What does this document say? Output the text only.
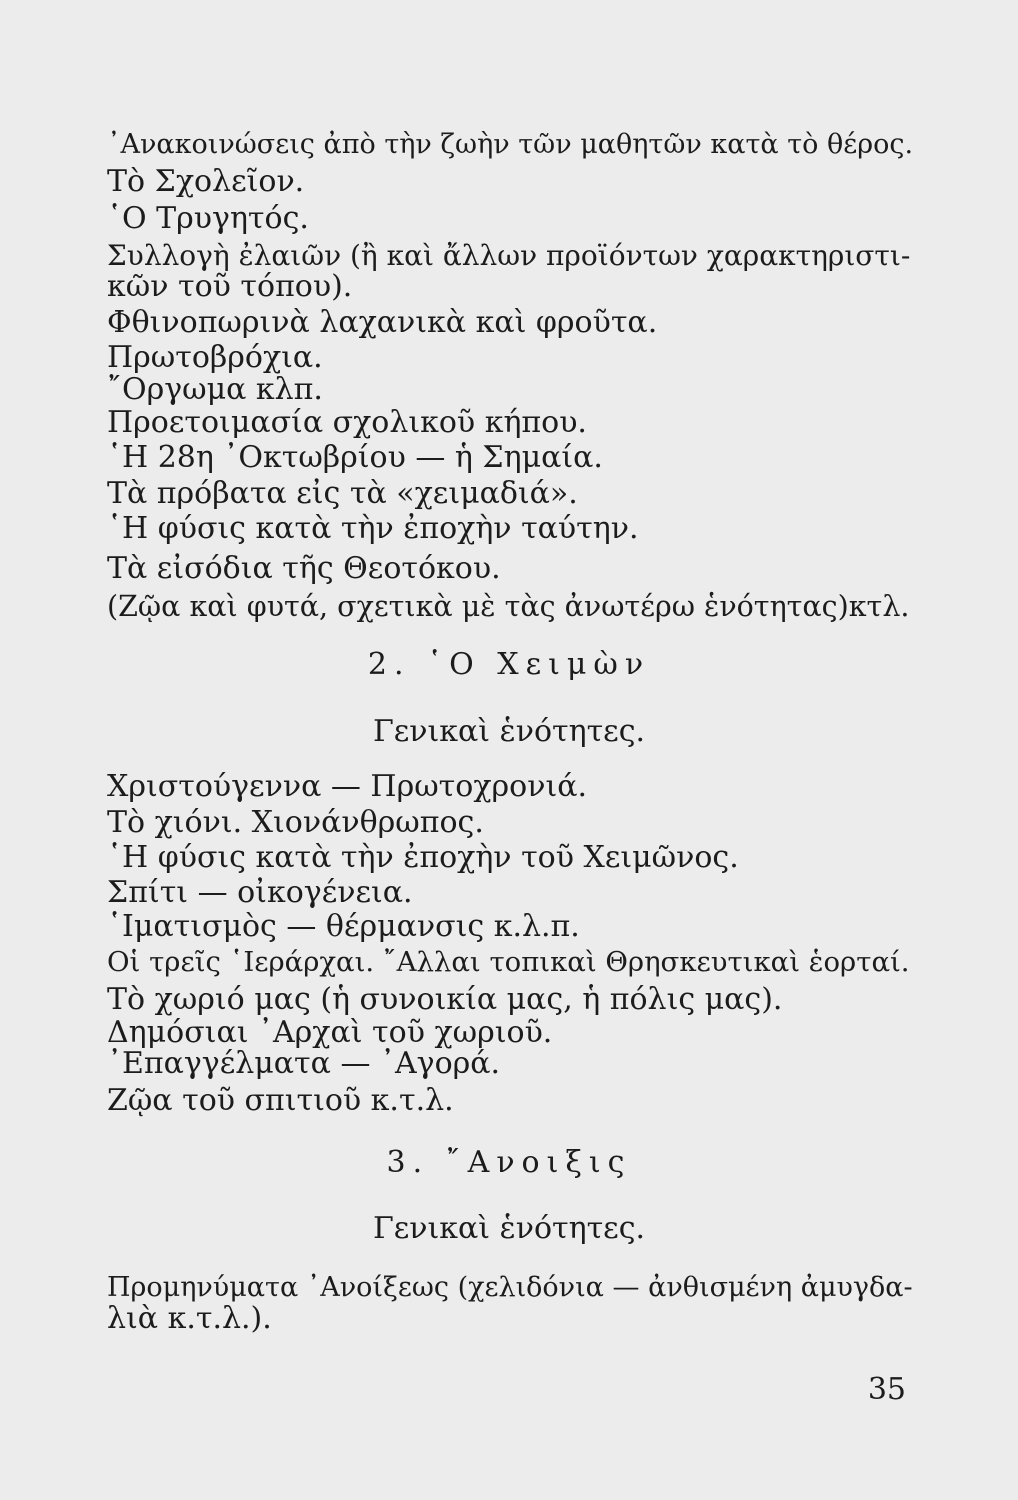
᾿Ανακοινώσεις ἀπὸ τὴν ζωὴν τῶν μαθητῶν κατὰ τὸ θέρος.
Τὸ Σχολεῖον.
῾Ο Τρυγητός.
Συλλογὴ ἐλαιῶν (ἢ καὶ ἄλλων προϊόντων χαρακτηριστι-
κῶν τοῦ τόπου).
Φθινοπωρινὰ λαχανικὰ καὶ φροῦτα.
Πρωτοβρόχια.
῎Οργωμα κλπ.
Προετοιμασία σχολικοῦ κήπου.
῾Η 28η ᾿Οκτωβρίου — ἡ Σημαία.
Τὰ πρόβατα εἰς τὰ «χειμαδιά».
῾Η φύσις κατὰ τὴν ἐποχὴν ταύτην.
Τὰ εἰσόδια τῆς Θεοτόκου.
(Ζῷα καὶ φυτά, σχετικὰ μὲ τὰς ἀνωτέρω ἑνότητας)κτλ.
2. ῾Ο Χειμὼν
Γενικαὶ ἑνότητες.
Χριστούγεννα — Πρωτοχρονιά.
Τὸ χιόνι. Χιονάνθρωπος.
῾Η φύσις κατὰ τὴν ἐποχὴν τοῦ Χειμῶνος.
Σπίτι — οἰκογένεια.
῾Ιματισμὸς — θέρμανσις κ.λ.π.
Οἱ τρεῖς ῾Ιεράρχαι. ῎Αλλαι τοπικαὶ Θρησκευτικαὶ ἑορταί.
Τὸ χωριό μας (ἡ συνοικία μας, ἡ πόλις μας).
Δημόσιαι ᾿Αρχαὶ τοῦ χωριοῦ.
᾿Επαγγέλματα — ᾿Αγορά.
Ζῷα τοῦ σπιτιοῦ κ.τ.λ.
3. ῎Ανοιξις
Γενικαὶ ἑνότητες.
Προμηνύματα ᾿Ανοίξεως (χελιδόνια — ἀνθισμένη ἀμυγδα-
λιὰ κ.τ.λ.).
35
